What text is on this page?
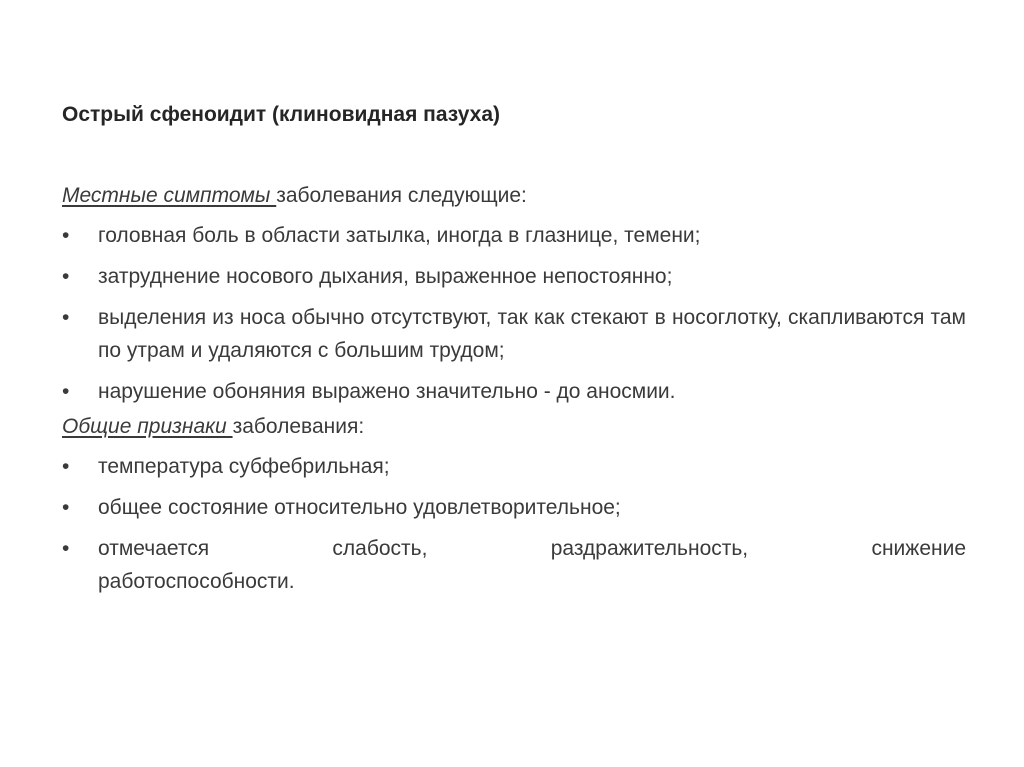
Острый сфеноидит (клиновидная пазуха)
Местные симптомы заболевания следующие:
•	головная боль в области затылка, иногда в глазнице, темени;
•	затруднение носового дыхания, выраженное непостоянно;
•	выделения из носа обычно отсутствуют, так как стекают в носоглотку, скапливаются там по утрам и удаляются с большим трудом;
•	нарушение обоняния выражено значительно - до аносмии.
Общие признаки заболевания:
•	температура субфебрильная;
•	общее состояние относительно удовлетворительное;
•	отмечается	слабость,	раздражительность,	снижение
работоспособности.
